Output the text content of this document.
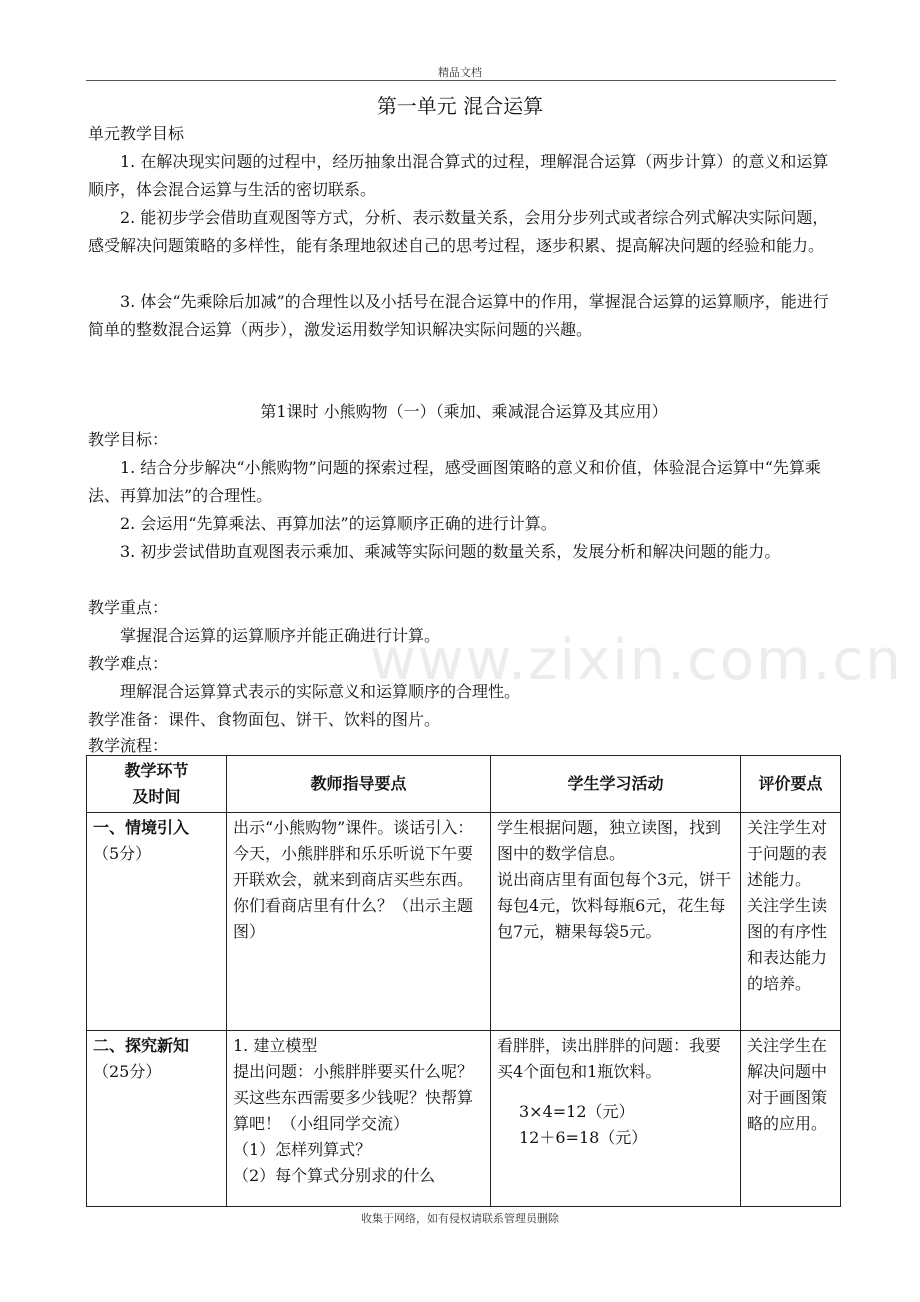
精品文档
第一单元 混合运算

单元教学目标

1. 在解决现实问题的过程中，经历抽象出混合算式的过程，理解混合运算（两步计算）的意义和运算顺序，体会混合运算与生活的密切联系。

2. 能初步学会借助直观图等方式，分析、表示数量关系，会用分步列式或者综合列式解决实际问题，感受解决问题策略的多样性，能有条理地叙述自己的思考过程，逐步积累、提高解决问题的经验和能力。

3. 体会“先乘除后加减”的合理性以及小括号在混合运算中的作用，掌握混合运算的运算顺序，能进行简单的整数混合运算（两步），激发运用数学知识解决实际问题的兴趣。

第1课时 小熊购物（一）（乘加、乘减混合运算及其应用）

教学目标：

1. 结合分步解决“小熊购物”问题的探索过程，感受画图策略的意义和价值，体验混合运算中“先算乘法、再算加法”的合理性。

2. 会运用“先算乘法、再算加法”的运算顺序正确的进行计算。

3. 初步尝试借助直观图表示乘加、乘减等实际问题的数量关系，发展分析和解决问题的能力。

教学重点：

掌握混合运算的运算顺序并能正确进行计算。

教学难点：

理解混合运算算式表示的实际意义和运算顺序的合理性。

教学准备：课件、食物面包、饼干、饮料的图片。

教学流程：

www.zixin.com.cn
教学环节
及时间	教师指导要点	学生学习活动	评价要点

一、情境引入
（5分）	出示“小熊购物”课件。谈话引入：今天，小熊胖胖和乐乐听说下午要开联欢会，就来到商店买些东西。你们看商店里有什么？（出示主题图）	学生根据问题，独立读图，找到图中的数学信息。
说出商店里有面包每个3元，饼干每包4元，饮料每瓶6元，花生每包7元，糖果每袋5元。	关注学生对于问题的表述能力。
关注学生读图的有序性和表达能力的培养。

二、探究新知
（25分）	1. 建立模型
提出问题：小熊胖胖要买什么呢？买这些东西需要多少钱呢？快帮算算吧！（小组同学交流）
（1）怎样列算式？
（2）每个算式分别求的什么	看胖胖，读出胖胖的问题：我要买4个面包和1瓶饮料。
3×4=12（元）
12＋6=18（元）	关注学生在解决问题中对于画图策略的应用。
收集于网络，如有侵权请联系管理员删除
